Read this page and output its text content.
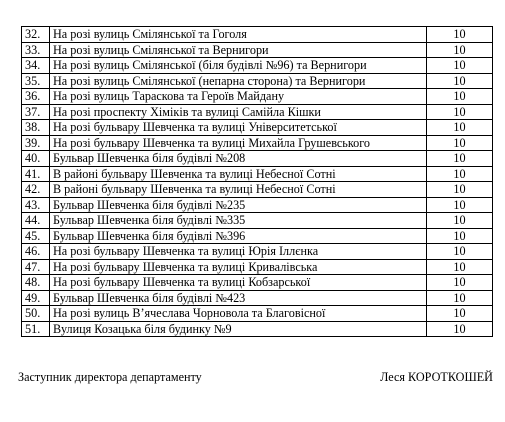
32.	На розі вулиць Смілянської та Гоголя	10
33.	На розі вулиць Смілянської та Вернигори	10
34.	На розі вулиць Смілянської (біля будівлі №96) та Вернигори	10
35.	На розі вулиць Смілянської (непарна сторона) та Вернигори	10
36.	На розі вулиць Тараскова та Героїв Майдану	10
37.	На розі проспекту Хіміків та вулиці Самійла Кішки	10
38.	На розі бульвару Шевченка та вулиці Університетської	10
39.	На розі бульвару Шевченка та вулиці Михайла Грушевського	10
40.	Бульвар Шевченка біля будівлі №208	10
41.	В районі бульвару Шевченка та вулиці Небесної Сотні	10
42.	В районі бульвару Шевченка та вулиці Небесної Сотні	10
43.	Бульвар Шевченка біля будівлі №235	10
44.	Бульвар Шевченка біля будівлі №335	10
45.	Бульвар Шевченка біля будівлі №396	10
46.	На розі бульвару Шевченка та вулиці Юрія Іллєнка	10
47.	На розі бульвару Шевченка та вулиці Кривалівська	10
48.	На розі бульвару Шевченка та вулиці Кобзарської	10
49.	Бульвар Шевченка біля будівлі №423	10
50.	На розі вулиць В’ячеслава Чорновола та Благовісної	10
51.	Вулиця Козацька біля будинку №9	10
Заступник директора департаменту	Леся КОРОТКОШЕЙ
